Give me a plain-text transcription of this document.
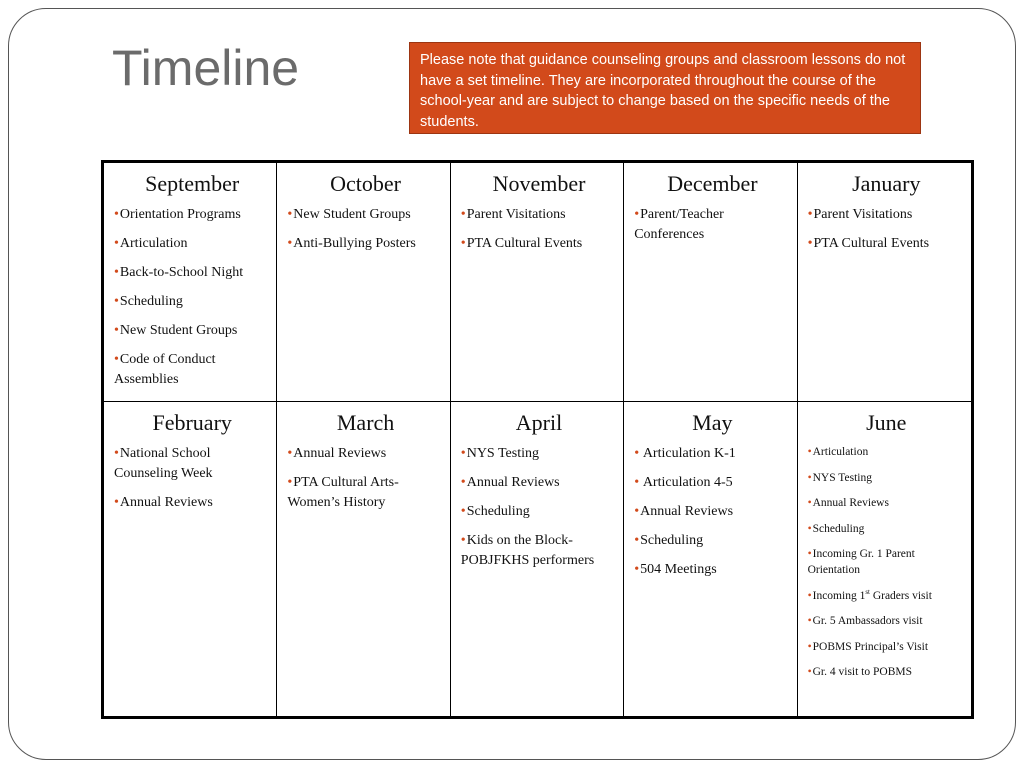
Timeline	Please note that guidance counseling groups and classroom lessons do not have a set timeline. They are incorporated throughout the course of the school-year and are subject to change based on the specific needs of the students.
September
• Orientation Programs
• Articulation
• Back-to-School Night
• Scheduling
• New Student Groups
• Code of Conduct Assemblies
October
• New Student Groups
• Anti-Bullying Posters
November
• Parent Visitations
• PTA Cultural Events
December
• Parent/Teacher Conferences
January
• Parent Visitations
• PTA Cultural Events
February
• National School Counseling Week
• Annual Reviews
March
• Annual Reviews
• PTA Cultural Arts- Women’s History
April
• NYS Testing
• Annual Reviews
• Scheduling
• Kids on the Block- POBJFKHS performers
May
• Articulation K-1
• Articulation 4-5
• Annual Reviews
• Scheduling
• 504 Meetings
June
• Articulation
• NYS Testing
• Annual Reviews
• Scheduling
• Incoming Gr. 1 Parent Orientation
• Incoming 1st Graders visit
• Gr. 5 Ambassadors visit
• POBMS Principal’s Visit
• Gr. 4 visit to POBMS
